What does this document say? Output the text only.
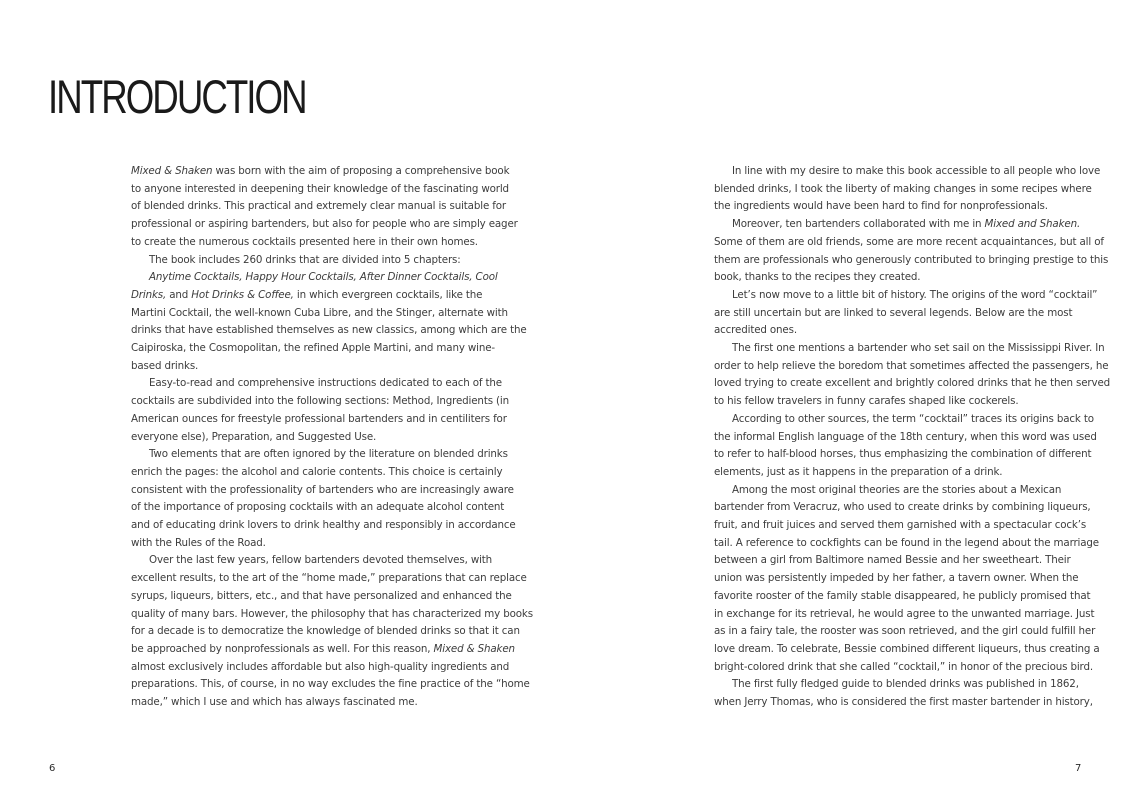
INTRODUCTION

Mixed & Shaken was born with the aim of proposing a comprehensive book

to anyone interested in deepening their knowledge of the fascinating world

of blended drinks. This practical and extremely clear manual is suitable for

professional or aspiring bartenders, but also for people who are simply eager

to create the numerous cocktails presented here in their own homes.

The book includes 260 drinks that are divided into 5 chapters:

Anytime Cocktails, Happy Hour Cocktails, After Dinner Cocktails, Cool

Drinks, and Hot Drinks & Coffee, in which evergreen cocktails, like the

Martini Cocktail, the well-known Cuba Libre, and the Stinger, alternate with

drinks that have established themselves as new classics, among which are the

Caipiroska, the Cosmopolitan, the refined Apple Martini, and many wine-

based drinks.

Easy-to-read and comprehensive instructions dedicated to each of the

cocktails are subdivided into the following sections: Method, Ingredients (in

American ounces for freestyle professional bartenders and in centiliters for

everyone else), Preparation, and Suggested Use.

Two elements that are often ignored by the literature on blended drinks

enrich the pages: the alcohol and calorie contents. This choice is certainly

consistent with the professionality of bartenders who are increasingly aware

of the importance of proposing cocktails with an adequate alcohol content

and of educating drink lovers to drink healthy and responsibly in accordance

with the Rules of the Road.

Over the last few years, fellow bartenders devoted themselves, with

excellent results, to the art of the “home made,” preparations that can replace

syrups, liqueurs, bitters, etc., and that have personalized and enhanced the

quality of many bars. However, the philosophy that has characterized my books

for a decade is to democratize the knowledge of blended drinks so that it can

be approached by nonprofessionals as well. For this reason, Mixed & Shaken

almost exclusively includes affordable but also high-quality ingredients and

preparations. This, of course, in no way excludes the fine practice of the “home

made,” which I use and which has always fascinated me.

In line with my desire to make this book accessible to all people who love

blended drinks, I took the liberty of making changes in some recipes where

the ingredients would have been hard to find for nonprofessionals.

Moreover, ten bartenders collaborated with me in Mixed and Shaken.

Some of them are old friends, some are more recent acquaintances, but all of

them are professionals who generously contributed to bringing prestige to this

book, thanks to the recipes they created.

Let’s now move to a little bit of history. The origins of the word “cocktail”

are still uncertain but are linked to several legends. Below are the most

accredited ones.

The first one mentions a bartender who set sail on the Mississippi River. In

order to help relieve the boredom that sometimes affected the passengers, he

loved trying to create excellent and brightly colored drinks that he then served

to his fellow travelers in funny carafes shaped like cockerels.

According to other sources, the term “cocktail” traces its origins back to

the informal English language of the 18th century, when this word was used

to refer to half-blood horses, thus emphasizing the combination of different

elements, just as it happens in the preparation of a drink.

Among the most original theories are the stories about a Mexican

bartender from Veracruz, who used to create drinks by combining liqueurs,

fruit, and fruit juices and served them garnished with a spectacular cock’s

tail. A reference to cockfights can be found in the legend about the marriage

between a girl from Baltimore named Bessie and her sweetheart. Their

union was persistently impeded by her father, a tavern owner. When the

favorite rooster of the family stable disappeared, he publicly promised that

in exchange for its retrieval, he would agree to the unwanted marriage. Just

as in a fairy tale, the rooster was soon retrieved, and the girl could fulfill her

love dream. To celebrate, Bessie combined different liqueurs, thus creating a

bright-colored drink that she called “cocktail,” in honor of the precious bird.

The first fully fledged guide to blended drinks was published in 1862,

when Jerry Thomas, who is considered the first master bartender in history,

6	7
